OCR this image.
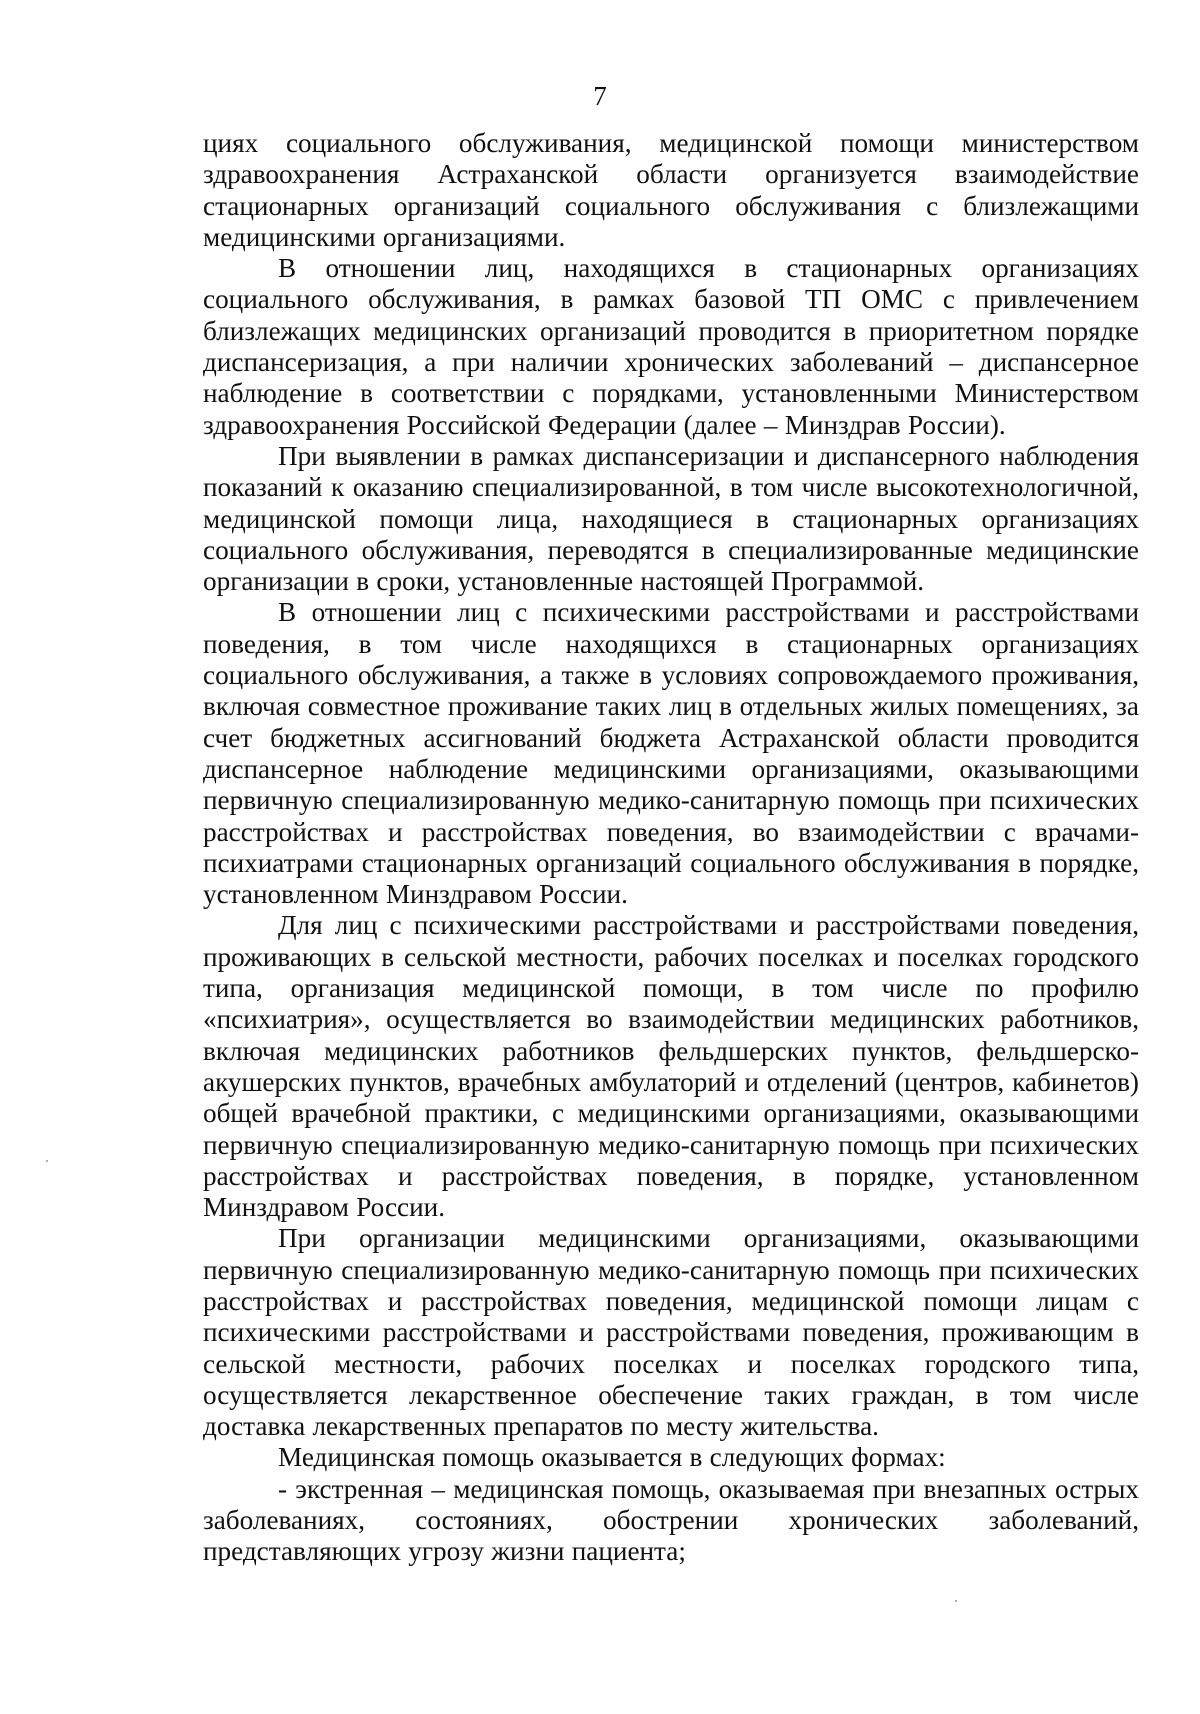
7

циях социального обслуживания, медицинской помощи министерством здравоохранения Астраханской области организуется взаимодействие стационарных организаций социального обслуживания с близлежащими медицинскими организациями.

В отношении лиц, находящихся в стационарных организациях социального обслуживания, в рамках базовой ТП ОМС с привлечением близлежащих медицинских организаций проводится в приоритетном порядке диспансеризация, а при наличии хронических заболеваний – диспансерное наблюдение в соответствии с порядками, установленными Министерством здравоохранения Российской Федерации (далее – Минздрав России).

При выявлении в рамках диспансеризации и диспансерного наблюдения показаний к оказанию специализированной, в том числе высокотехнологичной, медицинской помощи лица, находящиеся в стационарных организациях социального обслуживания, переводятся в специализированные медицинские организации в сроки, установленные настоящей Программой.

В отношении лиц с психическими расстройствами и расстройствами поведения, в том числе находящихся в стационарных организациях социального обслуживания, а также в условиях сопровождаемого проживания, включая совместное проживание таких лиц в отдельных жилых помещениях, за счет бюджетных ассигнований бюджета Астраханской области проводится диспансерное наблюдение медицинскими организациями, оказывающими первичную специализированную медико-санитарную помощь при психических расстройствах и расстройствах поведения, во взаимодействии с врачами-психиатрами стационарных организаций социального обслуживания в порядке, установленном Минздравом России.

Для лиц с психическими расстройствами и расстройствами поведения, проживающих в сельской местности, рабочих поселках и поселках городского типа, организация медицинской помощи, в том числе по профилю «психиатрия», осуществляется во взаимодействии медицинских работников, включая медицинских работников фельдшерских пунктов, фельдшерско-акушерских пунктов, врачебных амбулаторий и отделений (центров, кабинетов) общей врачебной практики, с медицинскими организациями, оказывающими первичную специализированную медико-санитарную помощь при психических расстройствах и расстройствах поведения, в порядке, установленном Минздравом России.

При организации медицинскими организациями, оказывающими первичную специализированную медико-санитарную помощь при психических расстройствах и расстройствах поведения, медицинской помощи лицам с психическими расстройствами и расстройствами поведения, проживающим в сельской местности, рабочих поселках и поселках городского типа, осуществляется лекарственное обеспечение таких граждан, в том числе доставка лекарственных препаратов по месту жительства.

Медицинская помощь оказывается в следующих формах:

- экстренная – медицинская помощь, оказываемая при внезапных острых заболеваниях, состояниях, обострении хронических заболеваний, представляющих угрозу жизни пациента;
